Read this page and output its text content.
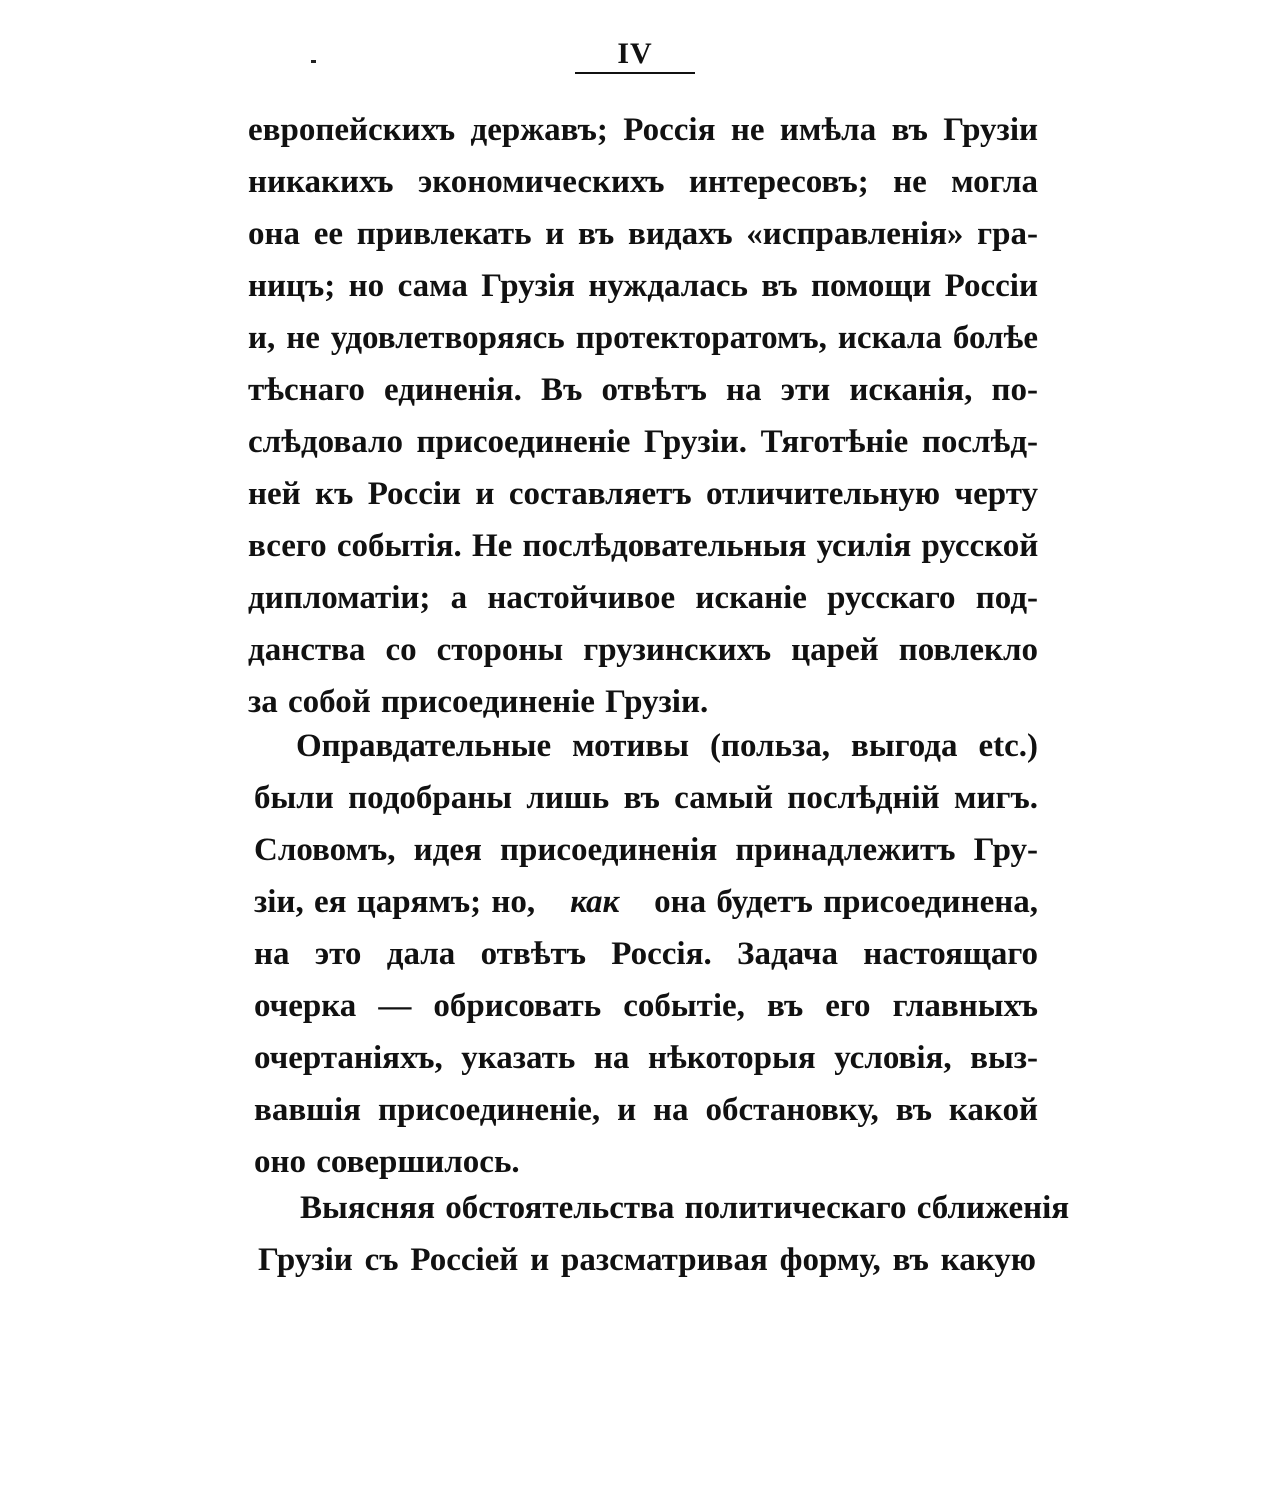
IV
европейскихъ державъ; Россія не имѣла въ Грузіи
никакихъ экономическихъ интересовъ; не могла
она ее привлекать и въ видахъ «исправленія» гра-
ницъ; но сама Грузія нуждалась въ помощи Россіи
и, не удовлетворяясь протекторатомъ, искала болѣе
тѣснаго единенія. Въ отвѣтъ на эти исканія, по-
слѣдовало присоединеніе Грузіи. Тяготѣніе послѣд-
ней къ Россіи и составляетъ отличительную черту
всего событія. Не послѣдовательныя усилія русской
дипломатіи; а настойчивое исканіе русскаго под-
данства со стороны грузинскихъ царей повлекло
за собой присоединеніе Грузіи.
Оправдательные мотивы (польза, выгода etc.)
были подобраны лишь въ самый послѣдній мигъ.
Словомъ, идея присоединенія принадлежитъ Гру-
зіи, ея царямъ; но, как она будетъ присоединена,
на это дала отвѣтъ Россія. Задача настоящаго
очерка — обрисовать событіе, въ его главныхъ
очертаніяхъ, указать на нѣкоторыя условія, выз-
вавшія присоединеніе, и на обстановку, въ какой
оно совершилось.
Выясняя обстоятельства политическаго сближенія
Грузіи съ Россіей и разсматривая форму, въ какую
